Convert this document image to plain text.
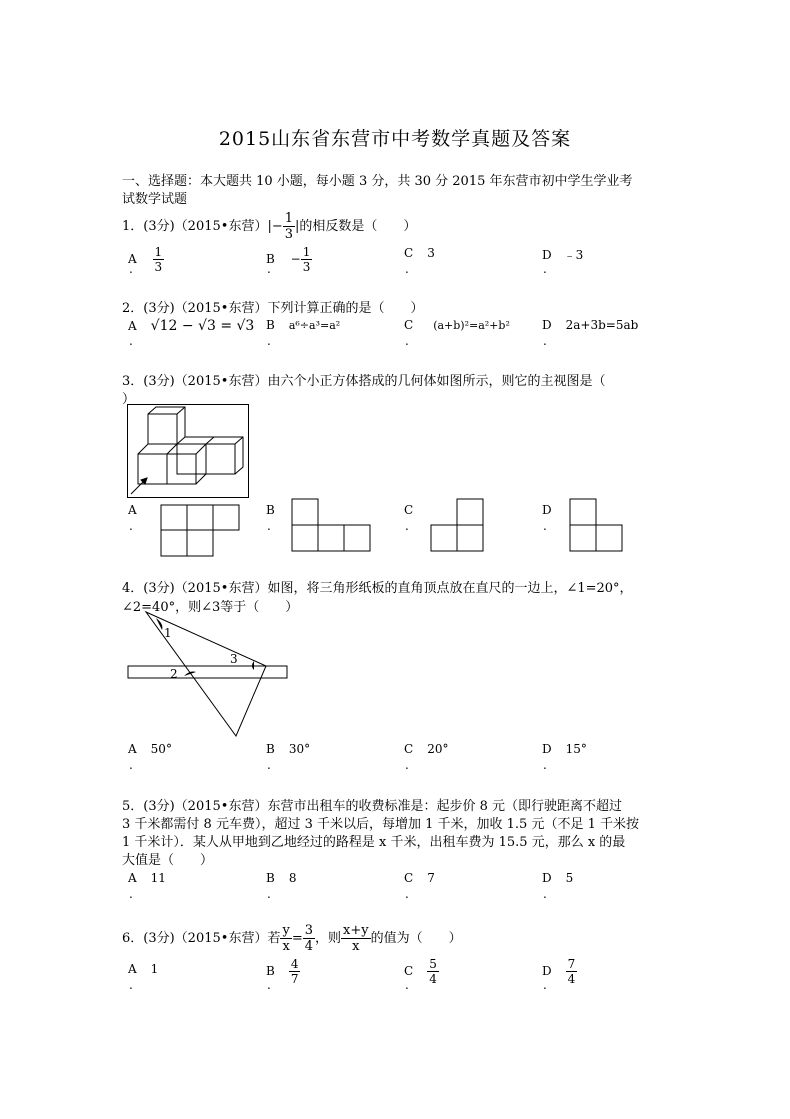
2015山东省东营市中考数学真题及答案
一、选择题：本大题共 10 小题，每小题 3 分，共 30 分 2015 年东营市初中学生学业考
试数学试题
1．(3分)（2015•东营）|− $\frac{1}{3}$ |的相反数是（　　）
A $\frac{1}{3}$	$B - \frac{1}{3}$	C 3	D ﹣3
.	.	.	.
2．(3分)（2015•东营）下列计算正确的是（　　）
A √12 − √3 = √3 B a⁶÷a³=a²	C (a+b)²=a²+b²	D 2a+3b=5ab
.	.	.	.
3．(3分)（2015•东营）由六个小正方体搭成的几何体如图所示，则它的主视图是（
）
A	B	C	D
.	.	.	.
4．(3分)（2015•东营）如图，将三角形纸板的直角顶点放在直尺的一边上，∠1=20°，
∠2=40°，则∠3等于（　　）
1
2
3
A 50°	B 30°	C 20°	D 15°
.	.	.	.
5．(3分)（2015•东营）东营市出租车的收费标准是：起步价 8 元（即行驶距离不超过
3 千米都需付 8 元车费），超过 3 千米以后，每增加 1 千米，加收 1.5 元（不足 1 千米按
1 千米计）．某人从甲地到乙地经过的路程是 x 千米，出租车费为 15.5 元，那么 x 的最
大值是（　　）
A 11	B 8	C 7	D 5
.	.	.	.
6．(3分)（2015•东营）若 $\frac{y}{x} = \frac{3}{4}$ ，则 $\frac{x+y}{x}$ 的值为（　　）
A 1	B $\frac{4}{7}$	C $\frac{5}{4}$	D $\frac{7}{4}$
.	.	.	.
